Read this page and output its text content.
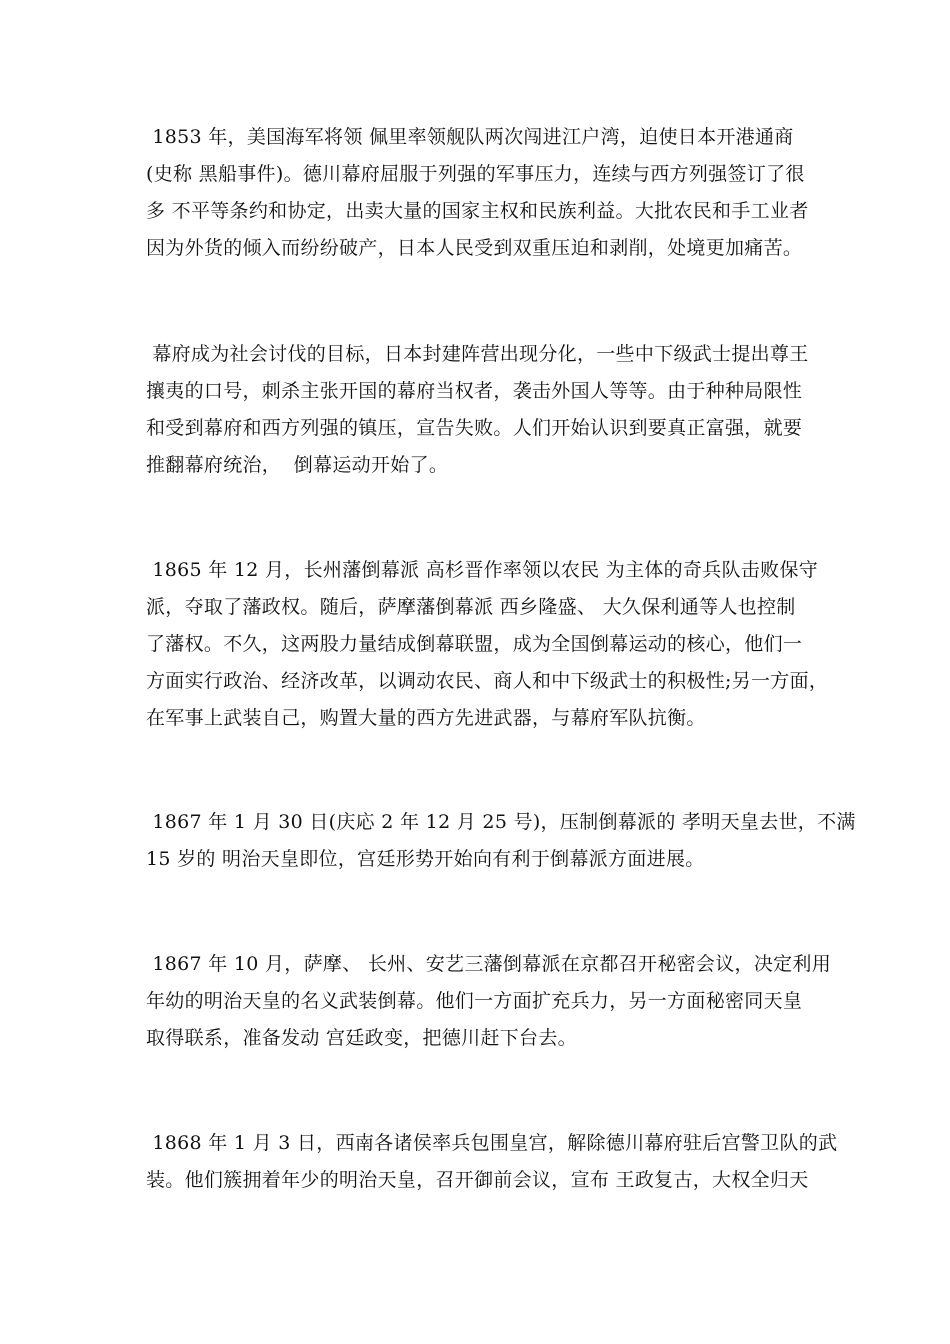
1853 年，美国海军将领 佩里率领舰队两次闯进江户湾，迫使日本开港通商
(史称 黑船事件)。德川幕府屈服于列强的军事压力，连续与西方列强签订了很
多 不平等条约和协定，出卖大量的国家主权和民族利益。大批农民和手工业者
因为外货的倾入而纷纷破产，日本人民受到双重压迫和剥削，处境更加痛苦。

幕府成为社会讨伐的目标，日本封建阵营出现分化，一些中下级武士提出尊王
攘夷的口号，刺杀主张开国的幕府当权者，袭击外国人等等。由于种种局限性
和受到幕府和西方列强的镇压，宣告失败。人们开始认识到要真正富强，就要
推翻幕府统治，  倒幕运动开始了。

1865 年 12 月，长州藩倒幕派 高杉晋作率领以农民 为主体的奇兵队击败保守
派，夺取了藩政权。随后，萨摩藩倒幕派 西乡隆盛、 大久保利通等人也控制
了藩权。不久，这两股力量结成倒幕联盟，成为全国倒幕运动的核心，他们一
方面实行政治、经济改革，以调动农民、商人和中下级武士的积极性;另一方面，
在军事上武装自己，购置大量的西方先进武器，与幕府军队抗衡。

1867 年 1 月 30 日(庆応 2 年 12 月 25 号)，压制倒幕派的 孝明天皇去世，不满
15 岁的 明治天皇即位，宫廷形势开始向有利于倒幕派方面进展。

1867 年 10 月，萨摩、 长州、安艺三藩倒幕派在京都召开秘密会议，决定利用
年幼的明治天皇的名义武装倒幕。他们一方面扩充兵力，另一方面秘密同天皇
取得联系，准备发动 宫廷政变，把德川赶下台去。

1868 年 1 月 3 日，西南各诸侯率兵包围皇宫，解除德川幕府驻后宫警卫队的武
装。他们簇拥着年少的明治天皇，召开御前会议，宣布 王政复古，大权全归天
